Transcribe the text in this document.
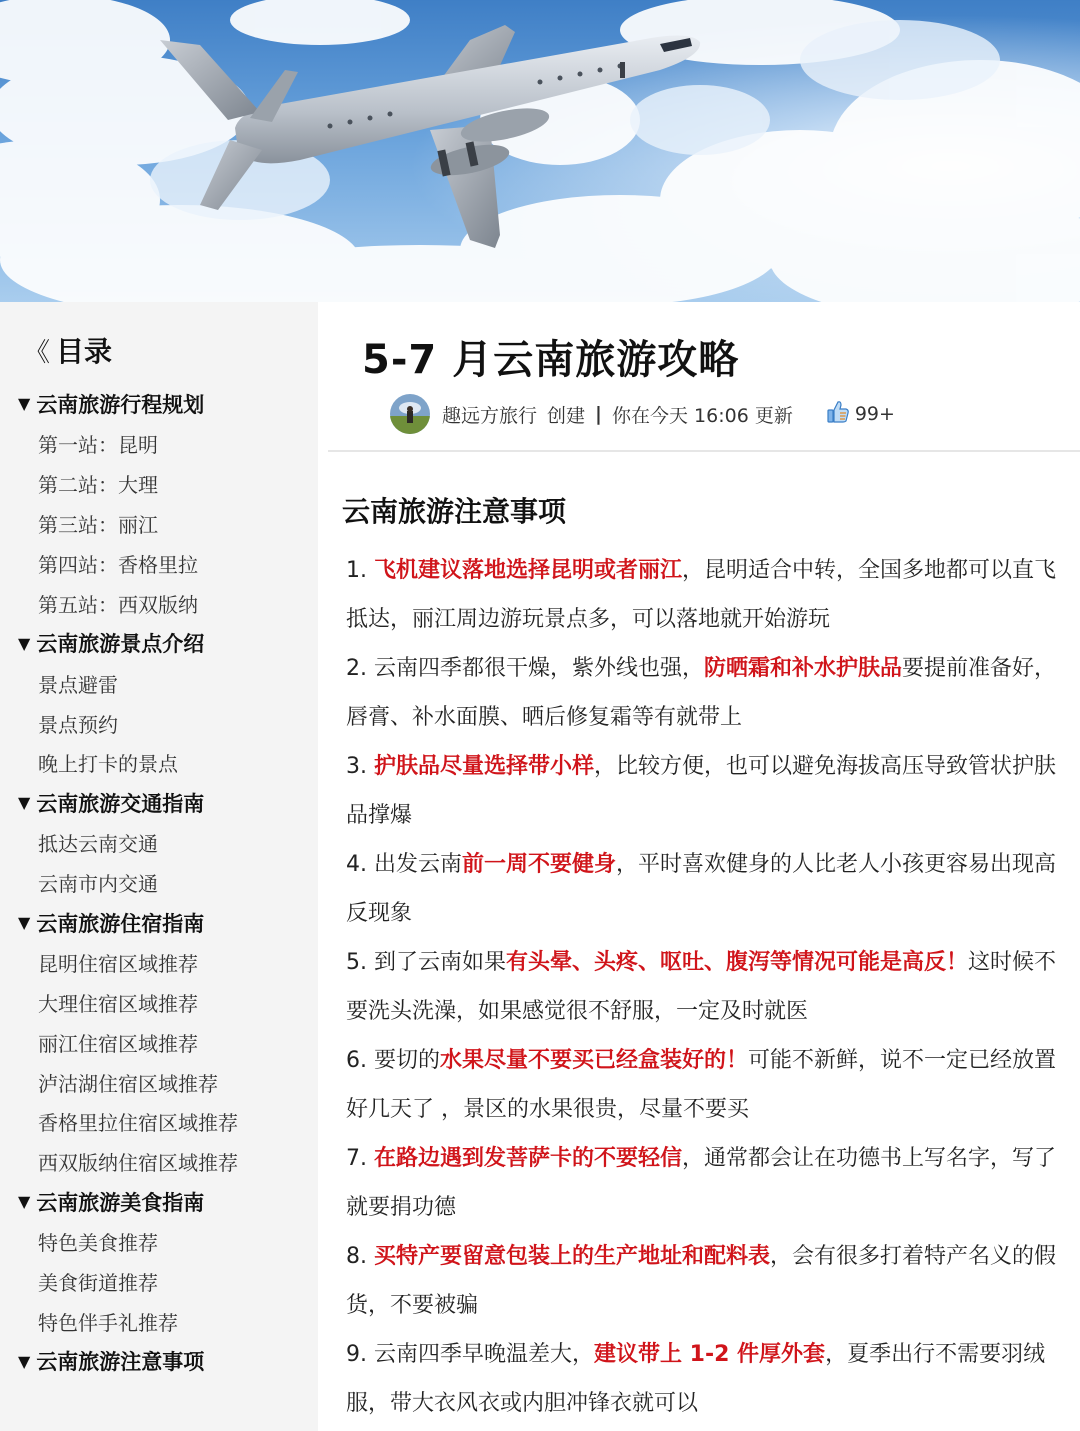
《 目录
▼ 云南旅游行程规划
第一站：昆明
第二站：大理
第三站：丽江
第四站：香格里拉
第五站：西双版纳
▼ 云南旅游景点介绍
景点避雷
景点预约
晚上打卡的景点
▼ 云南旅游交通指南
抵达云南交通
云南市内交通
▼ 云南旅游住宿指南
昆明住宿区域推荐
大理住宿区域推荐
丽江住宿区域推荐
泸沽湖住宿区域推荐
香格里拉住宿区域推荐
西双版纳住宿区域推荐
▼ 云南旅游美食指南
特色美食推荐
美食街道推荐
特色伴手礼推荐
▼ 云南旅游注意事项
5-7 月云南旅游攻略
趣远方旅行 创建 | 你在今天 16:06 更新	99+
云南旅游注意事项
1. 飞机建议落地选择昆明或者丽江，昆明适合中转，全国多地都可以直飞抵达，丽江周边游玩景点多，可以落地就开始游玩
2. 云南四季都很干燥，紫外线也强，防晒霜和补水护肤品要提前准备好，唇膏、补水面膜、晒后修复霜等有就带上
3. 护肤品尽量选择带小样，比较方便，也可以避免海拔高压导致管状护肤品撑爆
4. 出发云南前一周不要健身，平时喜欢健身的人比老人小孩更容易出现高反现象
5. 到了云南如果有头晕、头疼、呕吐、腹泻等情况可能是高反！这时候不要洗头洗澡，如果感觉很不舒服，一定及时就医
6. 要切的水果尽量不要买已经盒装好的！可能不新鲜，说不一定已经放置好几天了 ，景区的水果很贵，尽量不要买
7. 在路边遇到发菩萨卡的不要轻信，通常都会让在功德书上写名字，写了就要捐功德
8. 买特产要留意包装上的生产地址和配料表，会有很多打着特产名义的假货，不要被骗
9. 云南四季早晚温差大，建议带上 1-2 件厚外套，夏季出行不需要羽绒服，带大衣风衣或内胆冲锋衣就可以
